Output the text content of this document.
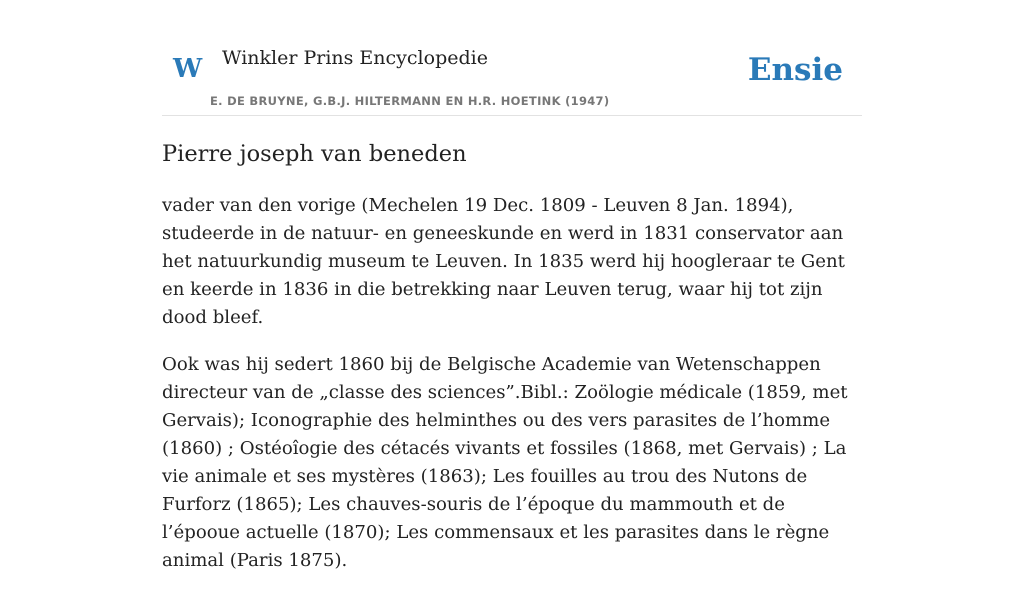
W Winkler Prins Encyclopedie	Ensie
E. DE BRUYNE, G.B.J. HILTERMANN EN H.R. HOETINK (1947)
Pierre joseph van beneden

vader van den vorige (Mechelen 19 Dec. 1809 - Leuven 8 Jan. 1894), studeerde in de natuur- en geneeskunde en werd in 1831 conservator aan het natuurkundig museum te Leuven. In 1835 werd hij hoogleraar te Gent en keerde in 1836 in die betrekking naar Leuven terug, waar hij tot zijn dood bleef.

Ook was hij sedert 1860 bij de Belgische Academie van Wetenschappen directeur van de „classe des sciences”.Bibl.: Zoölogie médicale (1859, met Gervais); Iconographie des helminthes ou des vers parasites de l’homme (1860) ; Ostéoîogie des cétacés vivants et fossiles (1868, met Gervais) ; La vie animale et ses mystères (1863); Les fouilles au trou des Nutons de Furforz (1865); Les chauves-souris de l’époque du mammouth et de l’épooue actuelle (1870); Les commensaux et les parasites dans le règne animal (Paris 1875).
